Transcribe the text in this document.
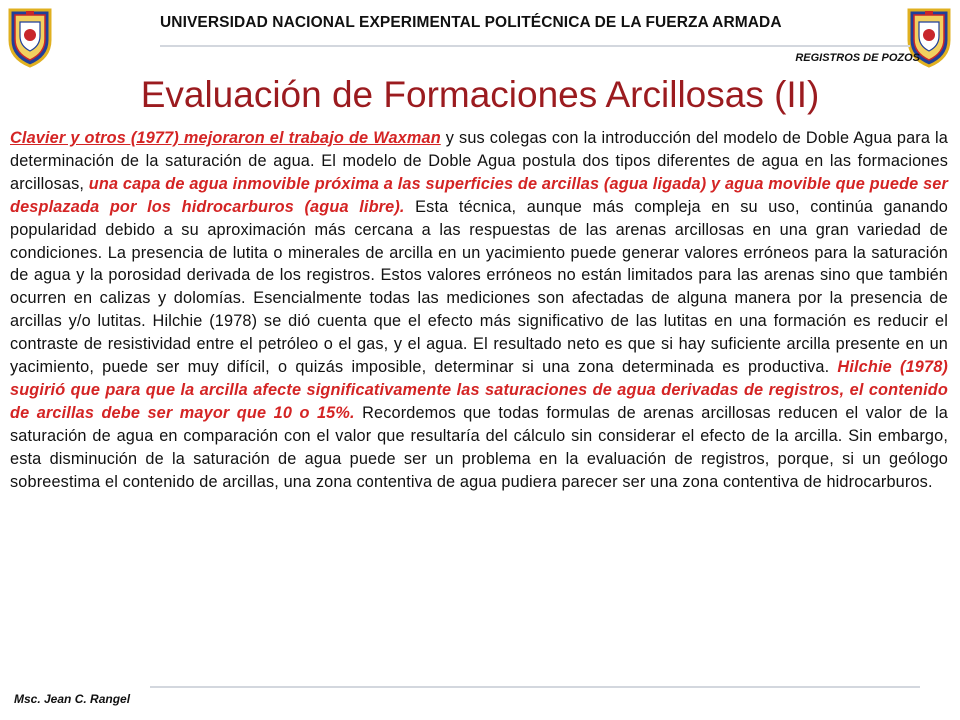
UNIVERSIDAD NACIONAL EXPERIMENTAL POLITÉCNICA DE LA FUERZA ARMADA
REGISTROS DE POZOS
Evaluación de Formaciones Arcillosas (II)

Clavier y otros (1977) mejoraron el trabajo de Waxman y sus colegas con la introducción del modelo de Doble Agua para la determinación de la saturación de agua. El modelo de Doble Agua postula dos tipos diferentes de agua en las formaciones arcillosas, una capa de agua inmovible próxima a las superficies de arcillas (agua ligada) y agua movible que puede ser desplazada por los hidrocarburos (agua libre). Esta técnica, aunque más compleja en su uso, continúa ganando popularidad debido a su aproximación más cercana a las respuestas de las arenas arcillosas en una gran variedad de condiciones. La presencia de lutita o minerales de arcilla en un yacimiento puede generar valores erróneos para la saturación de agua y la porosidad derivada de los registros. Estos valores erróneos no están limitados para las arenas sino que también ocurren en calizas y dolomías. Esencialmente todas las mediciones son afectadas de alguna manera por la presencia de arcillas y/o lutitas. Hilchie (1978) se dió cuenta que el efecto más significativo de las lutitas en una formación es reducir el contraste de resistividad entre el petróleo o el gas, y el agua. El resultado neto es que si hay suficiente arcilla presente en un yacimiento, puede ser muy difícil, o quizás imposible, determinar si una zona determinada es productiva. Hilchie (1978) sugirió que para que la arcilla afecte significativamente las saturaciones de agua derivadas de registros, el contenido de arcillas debe ser mayor que 10 o 15%. Recordemos que todas formulas de arenas arcillosas reducen el valor de la saturación de agua en comparación con el valor que resultaría del cálculo sin considerar el efecto de la arcilla. Sin embargo, esta disminución de la saturación de agua puede ser un problema en la evaluación de registros, porque, si un geólogo sobreestima el contenido de arcillas, una zona contentiva de agua pudiera parecer ser una zona contentiva de hidrocarburos.

Msc. Jean C. Rangel
